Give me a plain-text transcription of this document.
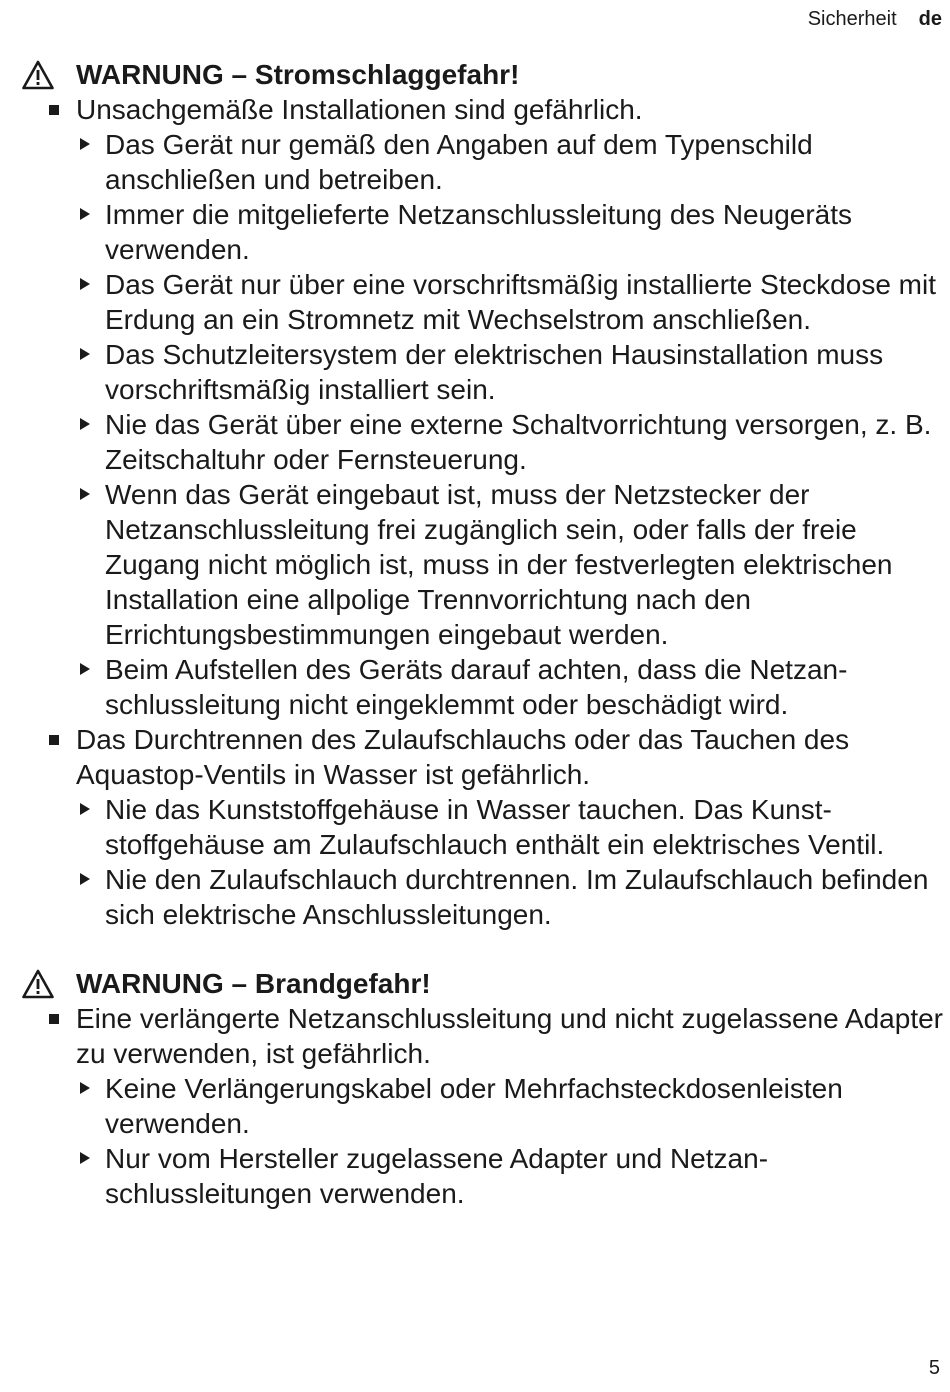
Sicherheit de
WARNUNG – Stromschlaggefahr!
Unsachgemäße Installationen sind gefährlich.
Das Gerät nur gemäß den Angaben auf dem Typenschild anschließen und betreiben.
Immer die mitgelieferte Netzanschlussleitung des Neugeräts verwenden.
Das Gerät nur über eine vorschriftsmäßig installierte Steckdose mit Erdung an ein Stromnetz mit Wechselstrom anschließen.
Das Schutzleitersystem der elektrischen Hausinstallation muss vorschriftsmäßig installiert sein.
Nie das Gerät über eine externe Schaltvorrichtung versorgen, z. B. Zeitschaltuhr oder Fernsteuerung.
Wenn das Gerät eingebaut ist, muss der Netzstecker der Netzanschlussleitung frei zugänglich sein, oder falls der freie Zugang nicht möglich ist, muss in der festverlegten elektrischen Installation eine allpolige Trennvorrichtung nach den Errichtungsbestimmungen eingebaut werden.
Beim Aufstellen des Geräts darauf achten, dass die Netzanschlussleitung nicht eingeklemmt oder beschädigt wird.
Das Durchtrennen des Zulaufschlauchs oder das Tauchen des Aquastop-Ventils in Wasser ist gefährlich.
Nie das Kunststoffgehäuse in Wasser tauchen. Das Kunststoffgehäuse am Zulaufschlauch enthält ein elektrisches Ventil.
Nie den Zulaufschlauch durchtrennen. Im Zulaufschlauch befinden sich elektrische Anschlussleitungen.
WARNUNG – Brandgefahr!
Eine verlängerte Netzanschlussleitung und nicht zugelassene Adapter zu verwenden, ist gefährlich.
Keine Verlängerungskabel oder Mehrfachsteckdosenleisten verwenden.
Nur vom Hersteller zugelassene Adapter und Netzanschlussleitungen verwenden.
5
